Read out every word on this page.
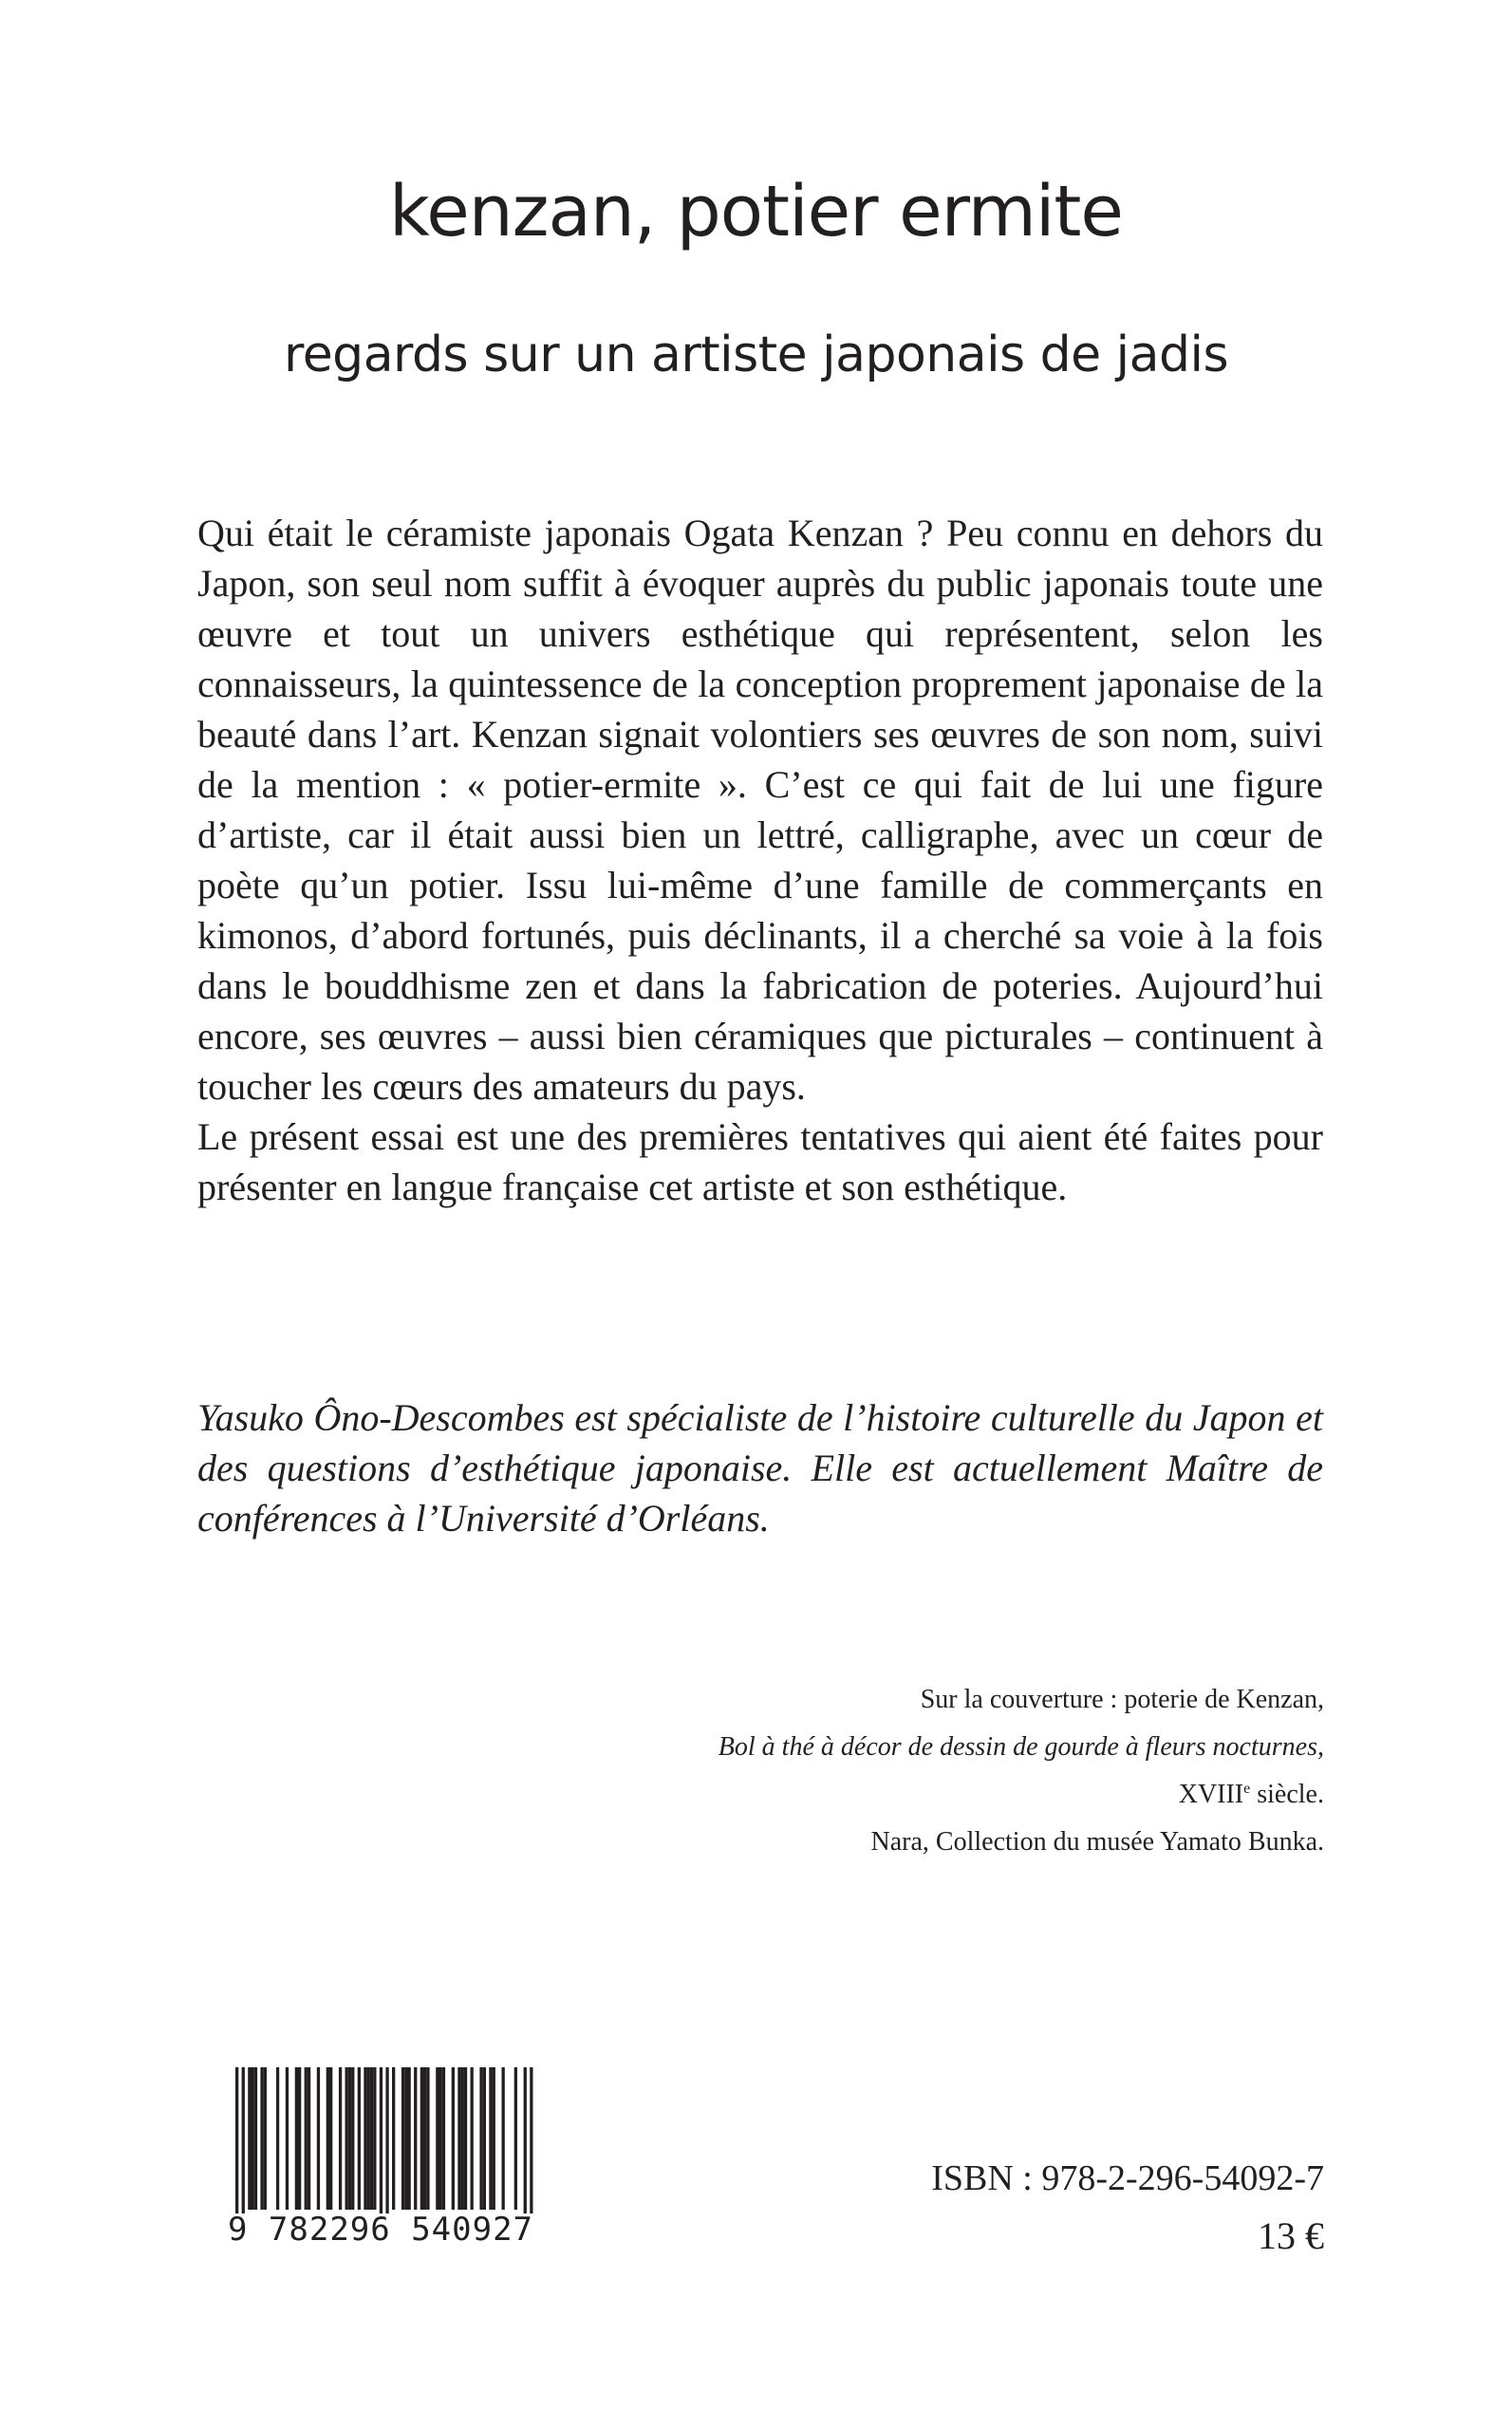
kenzan, potier ermite
regards sur un artiste japonais de jadis

Qui était le céramiste japonais Ogata Kenzan ? Peu connu en dehors du Japon, son seul nom suffit à évoquer auprès du public japonais toute une œuvre et tout un univers esthétique qui représentent, selon les connaisseurs, la quintessence de la conception proprement japonaise de la beauté dans l’art. Kenzan signait volontiers ses œuvres de son nom, suivi de la mention : « potier-ermite ». C’est ce qui fait de lui une figure d’artiste, car il était aussi bien un lettré, calligraphe, avec un cœur de poète qu’un potier. Issu lui-même d’une famille de commerçants en kimonos, d’abord fortunés, puis déclinants, il a cherché sa voie à la fois dans le bouddhisme zen et dans la fabrication de poteries. Aujourd’hui encore, ses œuvres – aussi bien céramiques que picturales – continuent à toucher les cœurs des amateurs du pays.

Le présent essai est une des premières tentatives qui aient été faites pour présenter en langue française cet artiste et son esthétique.

Yasuko Ôno-Descombes est spécialiste de l’histoire culturelle du Japon et des questions d’esthétique japonaise. Elle est actuellement Maître de conférences à l’Université d’Orléans.

Sur la couverture : poterie de Kenzan,
Bol à thé à décor de dessin de gourde à fleurs nocturnes,
XVIIIe siècle.
Nara, Collection du musée Yamato Bunka.
9 782296 540927
ISBN : 978-2-296-54092-7
13 €
